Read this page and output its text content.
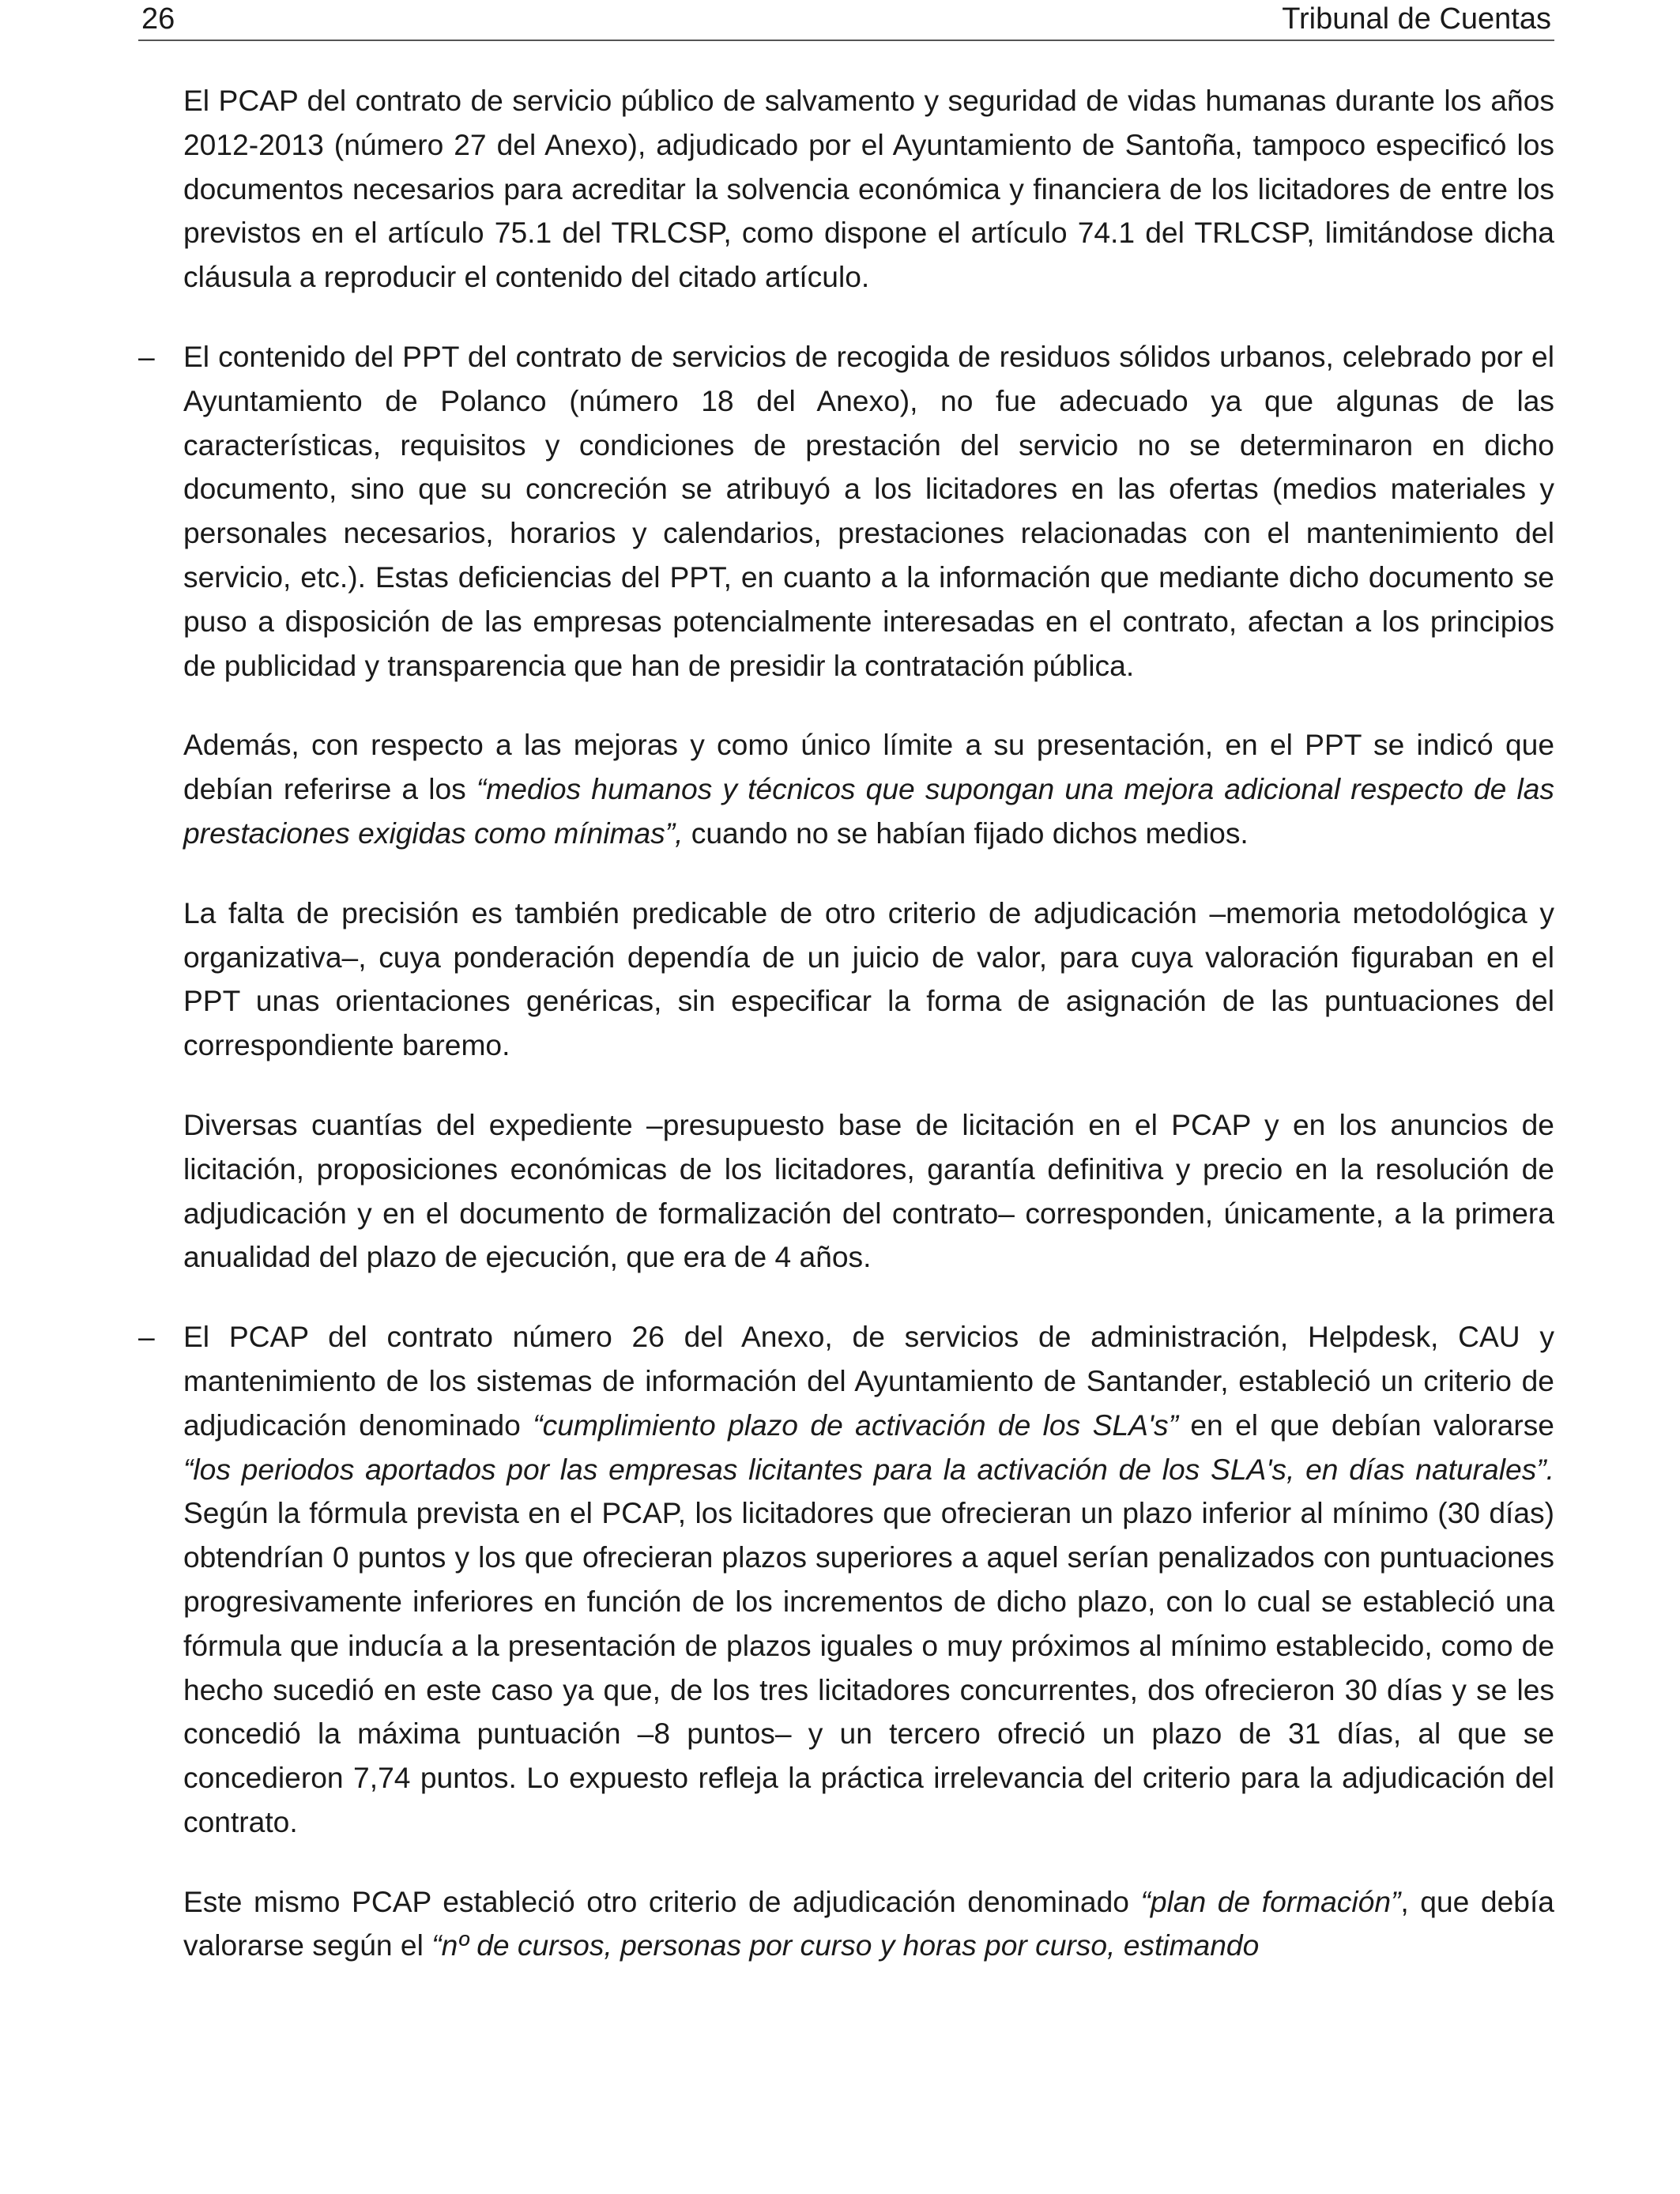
26	Tribunal de Cuentas

El PCAP del contrato de servicio público de salvamento y seguridad de vidas humanas durante los años 2012-2013 (número 27 del Anexo), adjudicado por el Ayuntamiento de Santoña, tampoco especificó los documentos necesarios para acreditar la solvencia económica y financiera de los licitadores de entre los previstos en el artículo 75.1 del TRLCSP, como dispone el artículo 74.1 del TRLCSP, limitándose dicha cláusula a reproducir el contenido del citado artículo.

– El contenido del PPT del contrato de servicios de recogida de residuos sólidos urbanos, celebrado por el Ayuntamiento de Polanco (número 18 del Anexo), no fue adecuado ya que algunas de las características, requisitos y condiciones de prestación del servicio no se determinaron en dicho documento, sino que su concreción se atribuyó a los licitadores en las ofertas (medios materiales y personales necesarios, horarios y calendarios, prestaciones relacionadas con el mantenimiento del servicio, etc.). Estas deficiencias del PPT, en cuanto a la información que mediante dicho documento se puso a disposición de las empresas potencialmente interesadas en el contrato, afectan a los principios de publicidad y transparencia que han de presidir la contratación pública.

Además, con respecto a las mejoras y como único límite a su presentación, en el PPT se indicó que debían referirse a los “medios humanos y técnicos que supongan una mejora adicional respecto de las prestaciones exigidas como mínimas”, cuando no se habían fijado dichos medios.

La falta de precisión es también predicable de otro criterio de adjudicación –memoria metodológica y organizativa–, cuya ponderación dependía de un juicio de valor, para cuya valoración figuraban en el PPT unas orientaciones genéricas, sin especificar la forma de asignación de las puntuaciones del correspondiente baremo.

Diversas cuantías del expediente –presupuesto base de licitación en el PCAP y en los anuncios de licitación, proposiciones económicas de los licitadores, garantía definitiva y precio en la resolución de adjudicación y en el documento de formalización del contrato– corresponden, únicamente, a la primera anualidad del plazo de ejecución, que era de 4 años.

– El PCAP del contrato número 26 del Anexo, de servicios de administración, Helpdesk, CAU y mantenimiento de los sistemas de información del Ayuntamiento de Santander, estableció un criterio de adjudicación denominado “cumplimiento plazo de activación de los SLA's” en el que debían valorarse “los periodos aportados por las empresas licitantes para la activación de los SLA's, en días naturales”. Según la fórmula prevista en el PCAP, los licitadores que ofrecieran un plazo inferior al mínimo (30 días) obtendrían 0 puntos y los que ofrecieran plazos superiores a aquel serían penalizados con puntuaciones progresivamente inferiores en función de los incrementos de dicho plazo, con lo cual se estableció una fórmula que inducía a la presentación de plazos iguales o muy próximos al mínimo establecido, como de hecho sucedió en este caso ya que, de los tres licitadores concurrentes, dos ofrecieron 30 días y se les concedió la máxima puntuación –8 puntos– y un tercero ofreció un plazo de 31 días, al que se concedieron 7,74 puntos. Lo expuesto refleja la práctica irrelevancia del criterio para la adjudicación del contrato.

Este mismo PCAP estableció otro criterio de adjudicación denominado “plan de formación”, que debía valorarse según el “nº de cursos, personas por curso y horas por curso, estimando
